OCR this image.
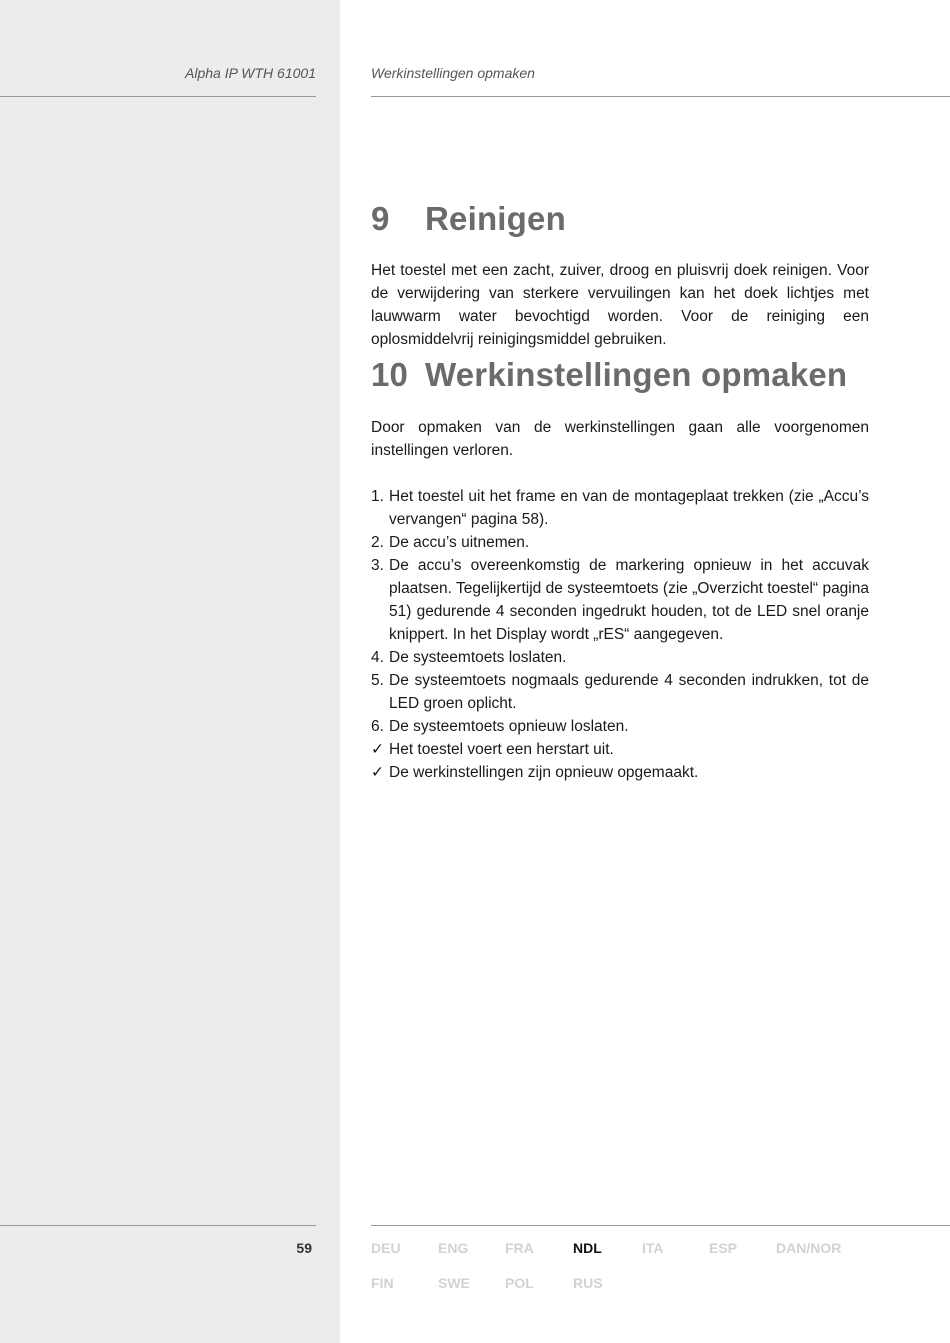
Alpha IP WTH 61001	Werkinstellingen opmaken
9	Reinigen

Het toestel met een zacht, zuiver, droog en pluisvrij doek reinigen. Voor de verwijdering van sterkere vervuilingen kan het doek lichtjes met lauwwarm water bevochtigd worden. Voor de reiniging een oplosmiddelvrij reinigingsmiddel gebruiken.

10 Werkinstellingen opmaken

Door opmaken van de werkinstellingen gaan alle voorgenomen instellingen verloren.

1. Het toestel uit het frame en van de montageplaat trekken (zie „Accu’s vervangen“ pagina 58).
2. De accu’s uitnemen.
3. De accu’s overeenkomstig de markering opnieuw in het accuvak plaatsen. Tegelijkertijd de systeemtoets (zie „Overzicht toestel“ pagina 51) gedurende 4 seconden ingedrukt houden, tot de LED snel oranje knippert. In het Display wordt „rES“ aangegeven.
4. De systeemtoets loslaten.
5. De systeemtoets nogmaals gedurende 4 seconden indrukken, tot de LED groen oplicht.
6. De systeemtoets opnieuw loslaten.
✓ Het toestel voert een herstart uit.
✓ De werkinstellingen zijn opnieuw opgemaakt.
59	DEU	ENG	FRA	NDL	ITA	ESP	DAN/NOR
FIN	SWE	POL	RUS
